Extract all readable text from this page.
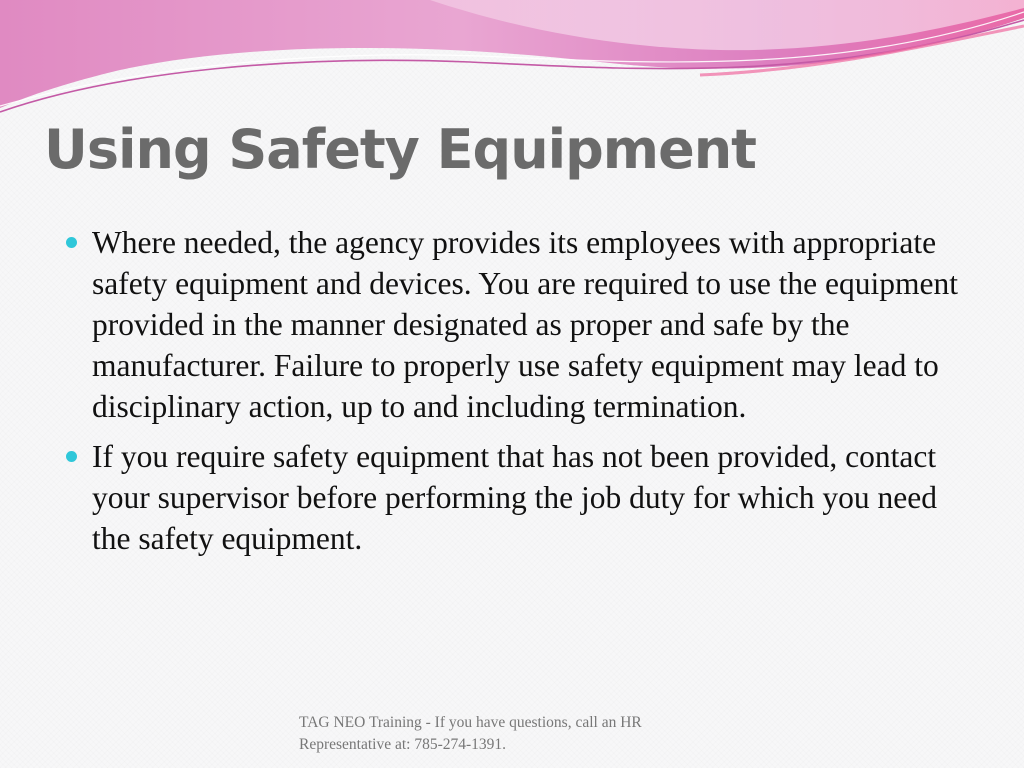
Using Safety Equipment
Where needed, the agency provides its employees with appropriate safety equipment and devices. You are required to use the equipment provided in the manner designated as proper and safe by the manufacturer. Failure to properly use safety equipment may lead to disciplinary action, up to and including termination.
If you require safety equipment that has not been provided, contact your supervisor before performing the job duty for which you need the safety equipment.
TAG NEO Training - If you have questions, call an HR Representative at: 785-274-1391.
